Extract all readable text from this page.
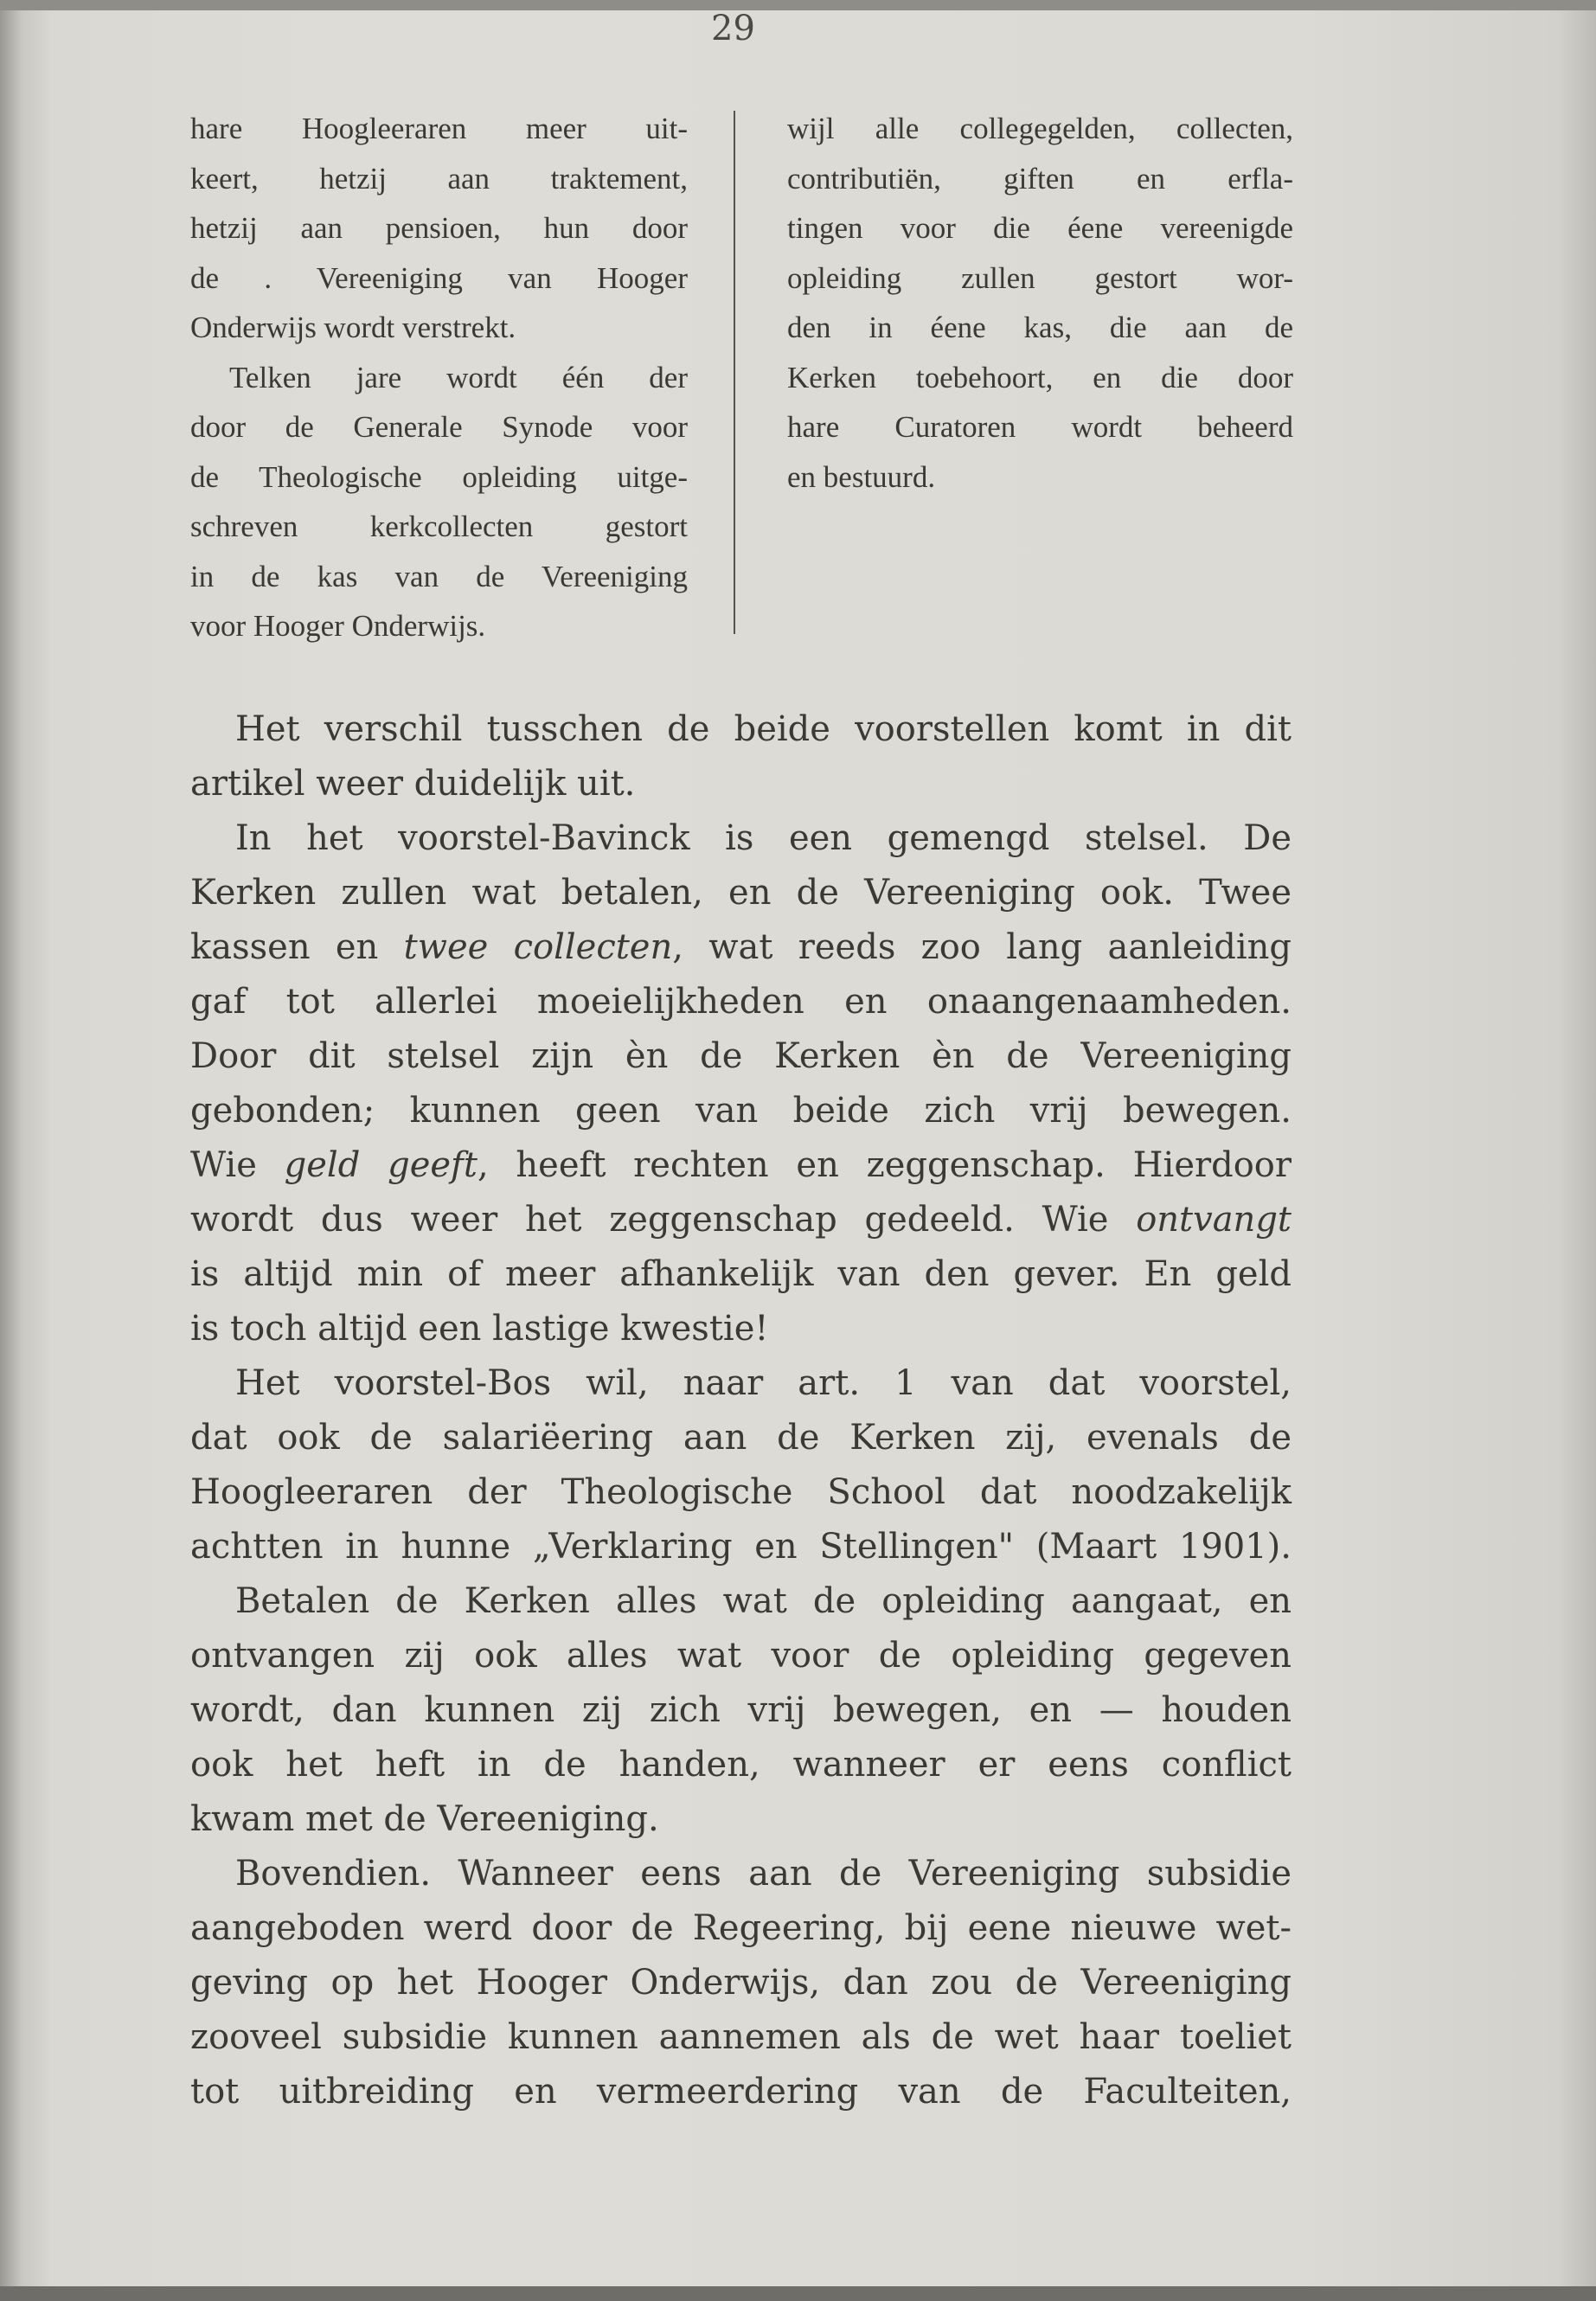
29
hare Hoogleeraren meer uit-
keert, hetzij aan traktement,
hetzij aan pensioen, hun door
de . Vereeniging van Hooger
Onderwijs wordt verstrekt.
Telken jare wordt één der
door de Generale Synode voor
de Theologische opleiding uitge-
schreven kerkcollecten gestort
in de kas van de Vereeniging
voor Hooger Onderwijs.
wijl alle collegegelden, collecten,
contributiën, giften en erfla-
tingen voor die éene vereenigde
opleiding zullen gestort wor-
den in éene kas, die aan de
Kerken toebehoort, en die door
hare Curatoren wordt beheerd
en bestuurd.
Het verschil tusschen de beide voorstellen komt in dit
artikel weer duidelijk uit.
In het voorstel-Bavinck is een gemengd stelsel. De
Kerken zullen wat betalen, en de Vereeniging ook. Twee
kassen en twee collecten, wat reeds zoo lang aanleiding
gaf tot allerlei moeielijkheden en onaangenaamheden.
Door dit stelsel zijn èn de Kerken èn de Vereeniging
gebonden; kunnen geen van beide zich vrij bewegen.
Wie geld geeft, heeft rechten en zeggenschap. Hierdoor
wordt dus weer het zeggenschap gedeeld. Wie ontvangt
is altijd min of meer afhankelijk van den gever. En geld
is toch altijd een lastige kwestie!
Het voorstel-Bos wil, naar art. 1 van dat voorstel,
dat ook de salariëering aan de Kerken zij, evenals de
Hoogleeraren der Theologische School dat noodzakelijk
achtten in hunne „Verklaring en Stellingen" (Maart 1901).
Betalen de Kerken alles wat de opleiding aangaat, en
ontvangen zij ook alles wat voor de opleiding gegeven
wordt, dan kunnen zij zich vrij bewegen, en — houden
ook het heft in de handen, wanneer er eens conflict
kwam met de Vereeniging.
Bovendien. Wanneer eens aan de Vereeniging subsidie
aangeboden werd door de Regeering, bij eene nieuwe wet-
geving op het Hooger Onderwijs, dan zou de Vereeniging
zooveel subsidie kunnen aannemen als de wet haar toeliet
tot uitbreiding en vermeerdering van de Faculteiten,
